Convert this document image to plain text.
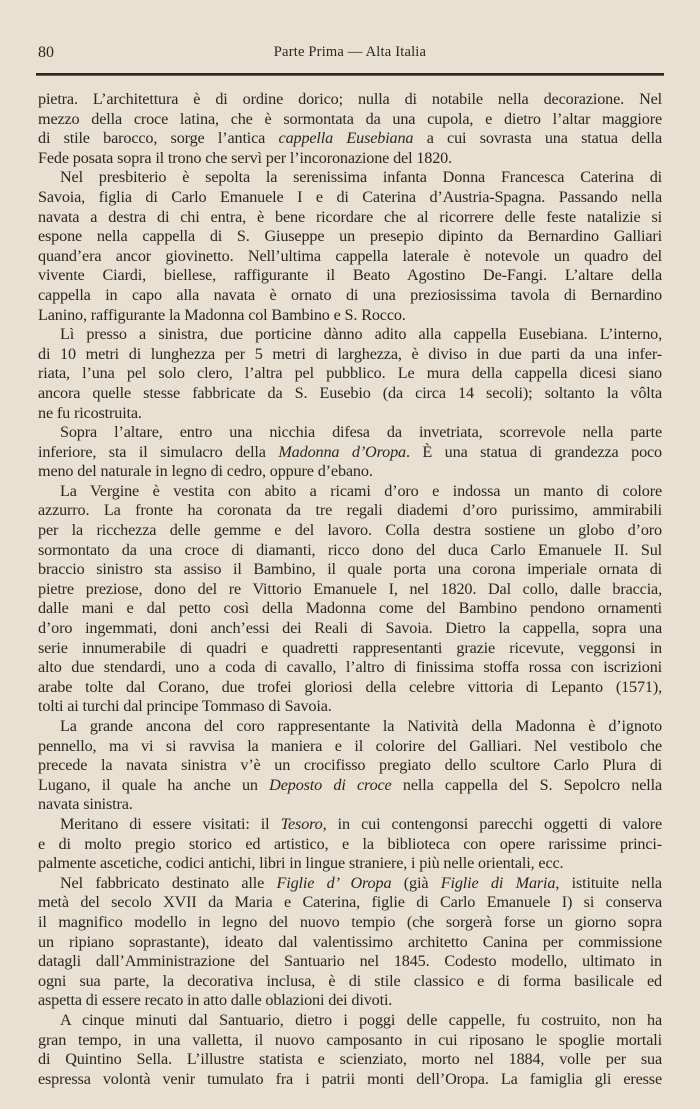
80	Parte Prima — Alta Italia
pietra. L’architettura è di ordine dorico; nulla di notabile nella decorazione. Nel
mezzo della croce latina, che è sormontata da una cupola, e dietro l’altar maggiore
di stile barocco, sorge l’antica cappella Eusebiana a cui sovrasta una statua della
Fede posata sopra il trono che servì per l’incoronazione del 1820.
Nel presbiterio è sepolta la serenissima infanta Donna Francesca Caterina di
Savoia, figlia di Carlo Emanuele I e di Caterina d’Austria-Spagna. Passando nella
navata a destra di chi entra, è bene ricordare che al ricorrere delle feste natalizie si
espone nella cappella di S. Giuseppe un presepio dipinto da Bernardino Galliari
quand’era ancor giovinetto. Nell’ultima cappella laterale è notevole un quadro del
vivente Ciardi, biellese, raffigurante il Beato Agostino De-Fangi. L’altare della
cappella in capo alla navata è ornato di una preziosissima tavola di Bernardino
Lanino, raffigurante la Madonna col Bambino e S. Rocco.
Lì presso a sinistra, due porticine dànno adito alla cappella Eusebiana. L’interno,
di 10 metri di lunghezza per 5 metri di larghezza, è diviso in due parti da una infer-
riata, l’una pel solo clero, l’altra pel pubblico. Le mura della cappella dicesi siano
ancora quelle stesse fabbricate da S. Eusebio (da circa 14 secoli); soltanto la vôlta
ne fu ricostruita.
Sopra l’altare, entro una nicchia difesa da invetriata, scorrevole nella parte
inferiore, sta il simulacro della Madonna d’Oropa. È una statua di grandezza poco
meno del naturale in legno di cedro, oppure d’ebano.
La Vergine è vestita con abito a ricami d’oro e indossa un manto di colore
azzurro. La fronte ha coronata da tre regali diademi d’oro purissimo, ammirabili
per la ricchezza delle gemme e del lavoro. Colla destra sostiene un globo d’oro
sormontato da una croce di diamanti, ricco dono del duca Carlo Emanuele II. Sul
braccio sinistro sta assiso il Bambino, il quale porta una corona imperiale ornata di
pietre preziose, dono del re Vittorio Emanuele I, nel 1820. Dal collo, dalle braccia,
dalle mani e dal petto così della Madonna come del Bambino pendono ornamenti
d’oro ingemmati, doni anch’essi dei Reali di Savoia. Dietro la cappella, sopra una
serie innumerabile di quadri e quadretti rappresentanti grazie ricevute, veggonsi in
alto due stendardi, uno a coda di cavallo, l’altro di finissima stoffa rossa con iscrizioni
arabe tolte dal Corano, due trofei gloriosi della celebre vittoria di Lepanto (1571),
tolti ai turchi dal principe Tommaso di Savoia.
La grande ancona del coro rappresentante la Natività della Madonna è d’ignoto
pennello, ma vi si ravvisa la maniera e il colorire del Galliari. Nel vestibolo che
precede la navata sinistra v’è un crocifisso pregiato dello scultore Carlo Plura di
Lugano, il quale ha anche un Deposto di croce nella cappella del S. Sepolcro nella
navata sinistra.
Meritano di essere visitati: il Tesoro, in cui contengonsi parecchi oggetti di valore
e di molto pregio storico ed artistico, e la biblioteca con opere rarissime princi-
palmente ascetiche, codici antichi, libri in lingue straniere, i più nelle orientali, ecc.
Nel fabbricato destinato alle Figlie d’ Oropa (già Figlie di Maria, istituite nella
metà del secolo XVII da Maria e Caterina, figlie di Carlo Emanuele I) si conserva
il magnifico modello in legno del nuovo tempio (che sorgerà forse un giorno sopra
un ripiano soprastante), ideato dal valentissimo architetto Canina per commissione
datagli dall’Amministrazione del Santuario nel 1845. Codesto modello, ultimato in
ogni sua parte, la decorativa inclusa, è di stile classico e di forma basilicale ed
aspetta di essere recato in atto dalle oblazioni dei divoti.
A cinque minuti dal Santuario, dietro i poggi delle cappelle, fu costruito, non ha
gran tempo, in una valletta, il nuovo camposanto in cui riposano le spoglie mortali
di Quintino Sella. L’illustre statista e scienziato, morto nel 1884, volle per sua
espressa volontà venir tumulato fra i patrii monti dell’Oropa. La famiglia gli eresse
